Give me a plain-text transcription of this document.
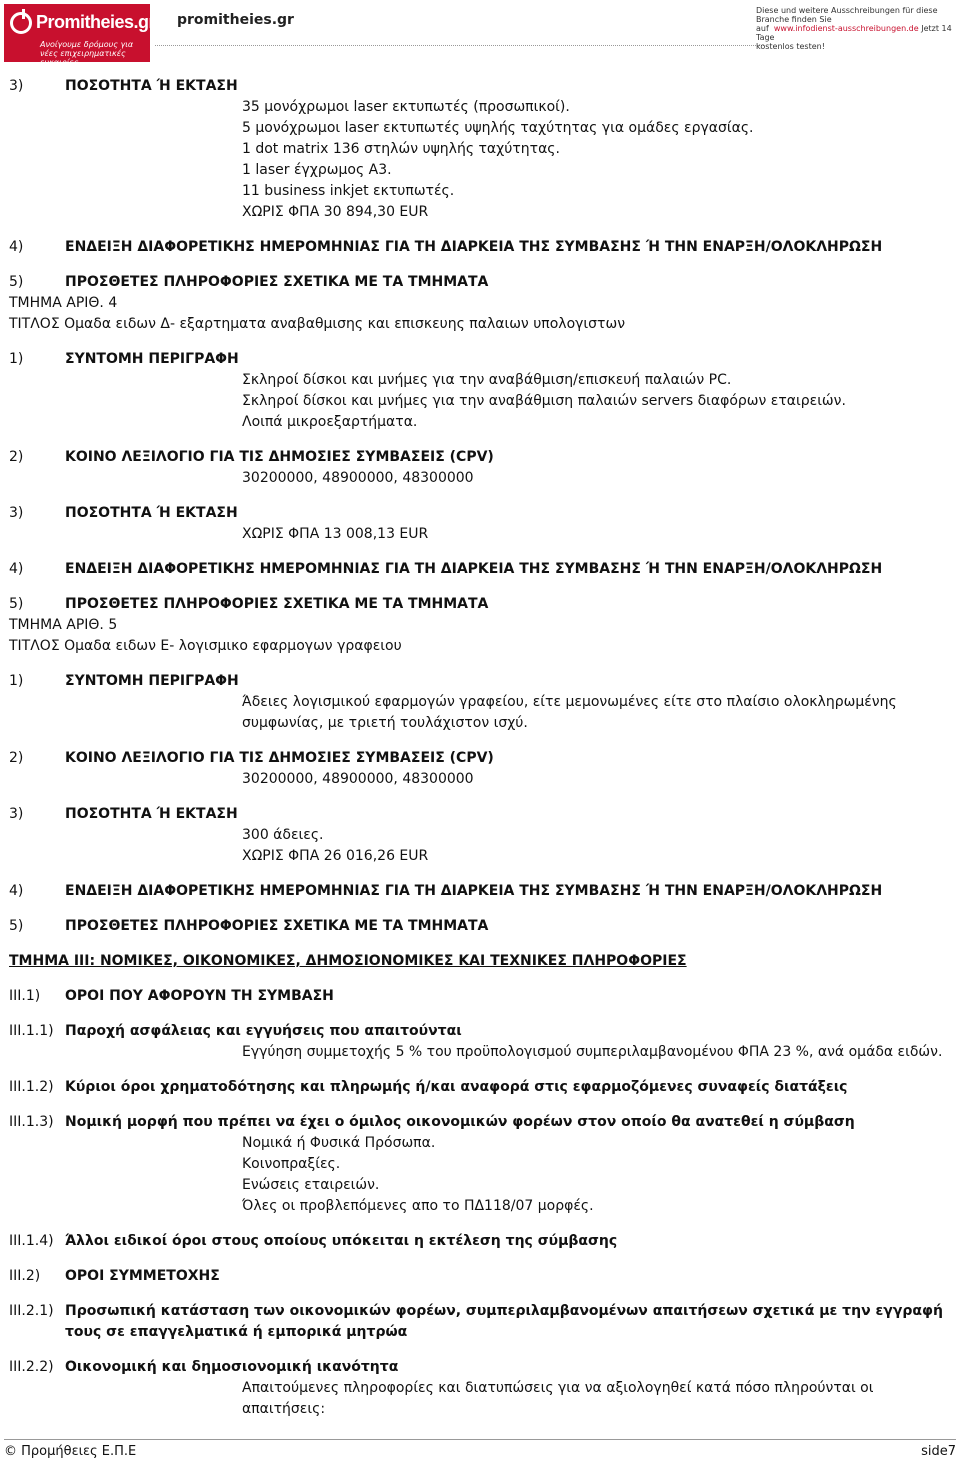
Promitheies.gr
Ανοίγουμε δρόμους για νέες επιχειρηματικές ευκαιρίες
promitheies.gr
Diese und weitere Ausschreibungen für diese Branche finden Sie
auf www.infodienst-ausschreibungen.de Jetzt 14 Tage
kostenlos testen!
3)	ΠΟΣΟΤΗΤΑ Ή ΕΚΤΑΣΗ
35 μονόχρωμοι laser εκτυπωτές (προσωπικοί).
5 μονόχρωμοι laser εκτυπωτές υψηλής ταχύτητας για ομάδες εργασίας.
1 dot matrix 136 στηλών υψηλής ταχύτητας.
1 laser έγχρωμος A3.
11 business inkjet εκτυπωτές.
ΧΩΡΙΣ ΦΠΑ 30 894,30 EUR
4)	ΕΝΔΕΙΞΗ ΔΙΑΦΟΡΕΤΙΚΗΣ ΗΜΕΡΟΜΗΝΙΑΣ ΓΙΑ ΤΗ ΔΙΑΡΚΕΙΑ ΤΗΣ ΣΥΜΒΑΣΗΣ Ή ΤΗΝ ΕΝΑΡΞΗ/ΟΛΟΚΛΗΡΩΣΗ
5)	ΠΡΟΣΘΕΤΕΣ ΠΛΗΡΟΦΟΡΙΕΣ ΣΧΕΤΙΚΑ ΜΕ ΤΑ ΤΜΗΜΑΤΑ
ΤΜΗΜΑ ΑΡΙΘ. 4
ΤΙΤΛΟΣ Ομαδα ειδων Δ- εξαρτηματα αναβαθμισης και επισκευης παλαιων υπολογιστων
1)	ΣΥΝΤΟΜΗ ΠΕΡΙΓΡΑΦΗ
Σκληροί δίσκοι και μνήμες για την αναβάθμιση/επισκευή παλαιών PC.
Σκληροί δίσκοι και μνήμες για την αναβάθμιση παλαιών servers διαφόρων εταιρειών.
Λοιπά μικροεξαρτήματα.
2)	ΚΟΙΝΟ ΛΕΞΙΛΟΓΙΟ ΓΙΑ ΤΙΣ ΔΗΜΟΣΙΕΣ ΣΥΜΒΑΣΕΙΣ (CPV)
30200000, 48900000, 48300000
3)	ΠΟΣΟΤΗΤΑ Ή ΕΚΤΑΣΗ
ΧΩΡΙΣ ΦΠΑ 13 008,13 EUR
4)	ΕΝΔΕΙΞΗ ΔΙΑΦΟΡΕΤΙΚΗΣ ΗΜΕΡΟΜΗΝΙΑΣ ΓΙΑ ΤΗ ΔΙΑΡΚΕΙΑ ΤΗΣ ΣΥΜΒΑΣΗΣ Ή ΤΗΝ ΕΝΑΡΞΗ/ΟΛΟΚΛΗΡΩΣΗ
5)	ΠΡΟΣΘΕΤΕΣ ΠΛΗΡΟΦΟΡΙΕΣ ΣΧΕΤΙΚΑ ΜΕ ΤΑ ΤΜΗΜΑΤΑ
ΤΜΗΜΑ ΑΡΙΘ. 5
ΤΙΤΛΟΣ Ομαδα ειδων Ε- λογισμικο εφαρμογων γραφειου
1)	ΣΥΝΤΟΜΗ ΠΕΡΙΓΡΑΦΗ
Άδειες λογισμικού εφαρμογών γραφείου, είτε μεμονωμένες είτε στο πλαίσιο ολοκληρωμένης συμφωνίας, με τριετή τουλάχιστον ισχύ.
2)	ΚΟΙΝΟ ΛΕΞΙΛΟΓΙΟ ΓΙΑ ΤΙΣ ΔΗΜΟΣΙΕΣ ΣΥΜΒΑΣΕΙΣ (CPV)
30200000, 48900000, 48300000
3)	ΠΟΣΟΤΗΤΑ Ή ΕΚΤΑΣΗ
300 άδειες.
ΧΩΡΙΣ ΦΠΑ 26 016,26 EUR
4)	ΕΝΔΕΙΞΗ ΔΙΑΦΟΡΕΤΙΚΗΣ ΗΜΕΡΟΜΗΝΙΑΣ ΓΙΑ ΤΗ ΔΙΑΡΚΕΙΑ ΤΗΣ ΣΥΜΒΑΣΗΣ Ή ΤΗΝ ΕΝΑΡΞΗ/ΟΛΟΚΛΗΡΩΣΗ
5)	ΠΡΟΣΘΕΤΕΣ ΠΛΗΡΟΦΟΡΙΕΣ ΣΧΕΤΙΚΑ ΜΕ ΤΑ ΤΜΗΜΑΤΑ
ΤΜΗΜΑ III: ΝΟΜΙΚΕΣ, ΟΙΚΟΝΟΜΙΚΕΣ, ΔΗΜΟΣΙΟΝΟΜΙΚΕΣ ΚΑΙ ΤΕΧΝΙΚΕΣ ΠΛΗΡΟΦΟΡΙΕΣ
III.1)	ΟΡΟΙ ΠΟΥ ΑΦΟΡΟΥΝ ΤΗ ΣΥΜΒΑΣΗ
III.1.1) Παροχή ασφάλειας και εγγυήσεις που απαιτούνται
Εγγύηση συμμετοχής 5 % του προϋπολογισμού συμπεριλαμβανομένου ΦΠΑ 23 %, ανά ομάδα ειδών.
III.1.2) Κύριοι όροι χρηματοδότησης και πληρωμής ή/και αναφορά στις εφαρμοζόμενες συναφείς διατάξεις
III.1.3) Νομική μορφή που πρέπει να έχει ο όμιλος οικονομικών φορέων στον οποίο θα ανατεθεί η σύμβαση
Νομικά ή Φυσικά Πρόσωπα.
Κοινοπραξίες.
Ενώσεις εταιρειών.
Όλες οι προβλεπόμενες απο το ΠΔ118/07 μορφές.
III.1.4) Άλλοι ειδικοί όροι στους οποίους υπόκειται η εκτέλεση της σύμβασης
III.2)	ΟΡΟΙ ΣΥΜΜΕΤΟΧΗΣ
III.2.1) Προσωπική κατάσταση των οικονομικών φορέων, συμπεριλαμβανομένων απαιτήσεων σχετικά με την εγγραφή τους σε επαγγελματικά ή εμπορικά μητρώα
III.2.2) Οικονομική και δημοσιονομική ικανότητα
Απαιτούμενες πληροφορίες και διατυπώσεις για να αξιολογηθεί κατά πόσο πληρούνται οι απαιτήσεις:
© Προμήθειες Ε.Π.Ε	side7
